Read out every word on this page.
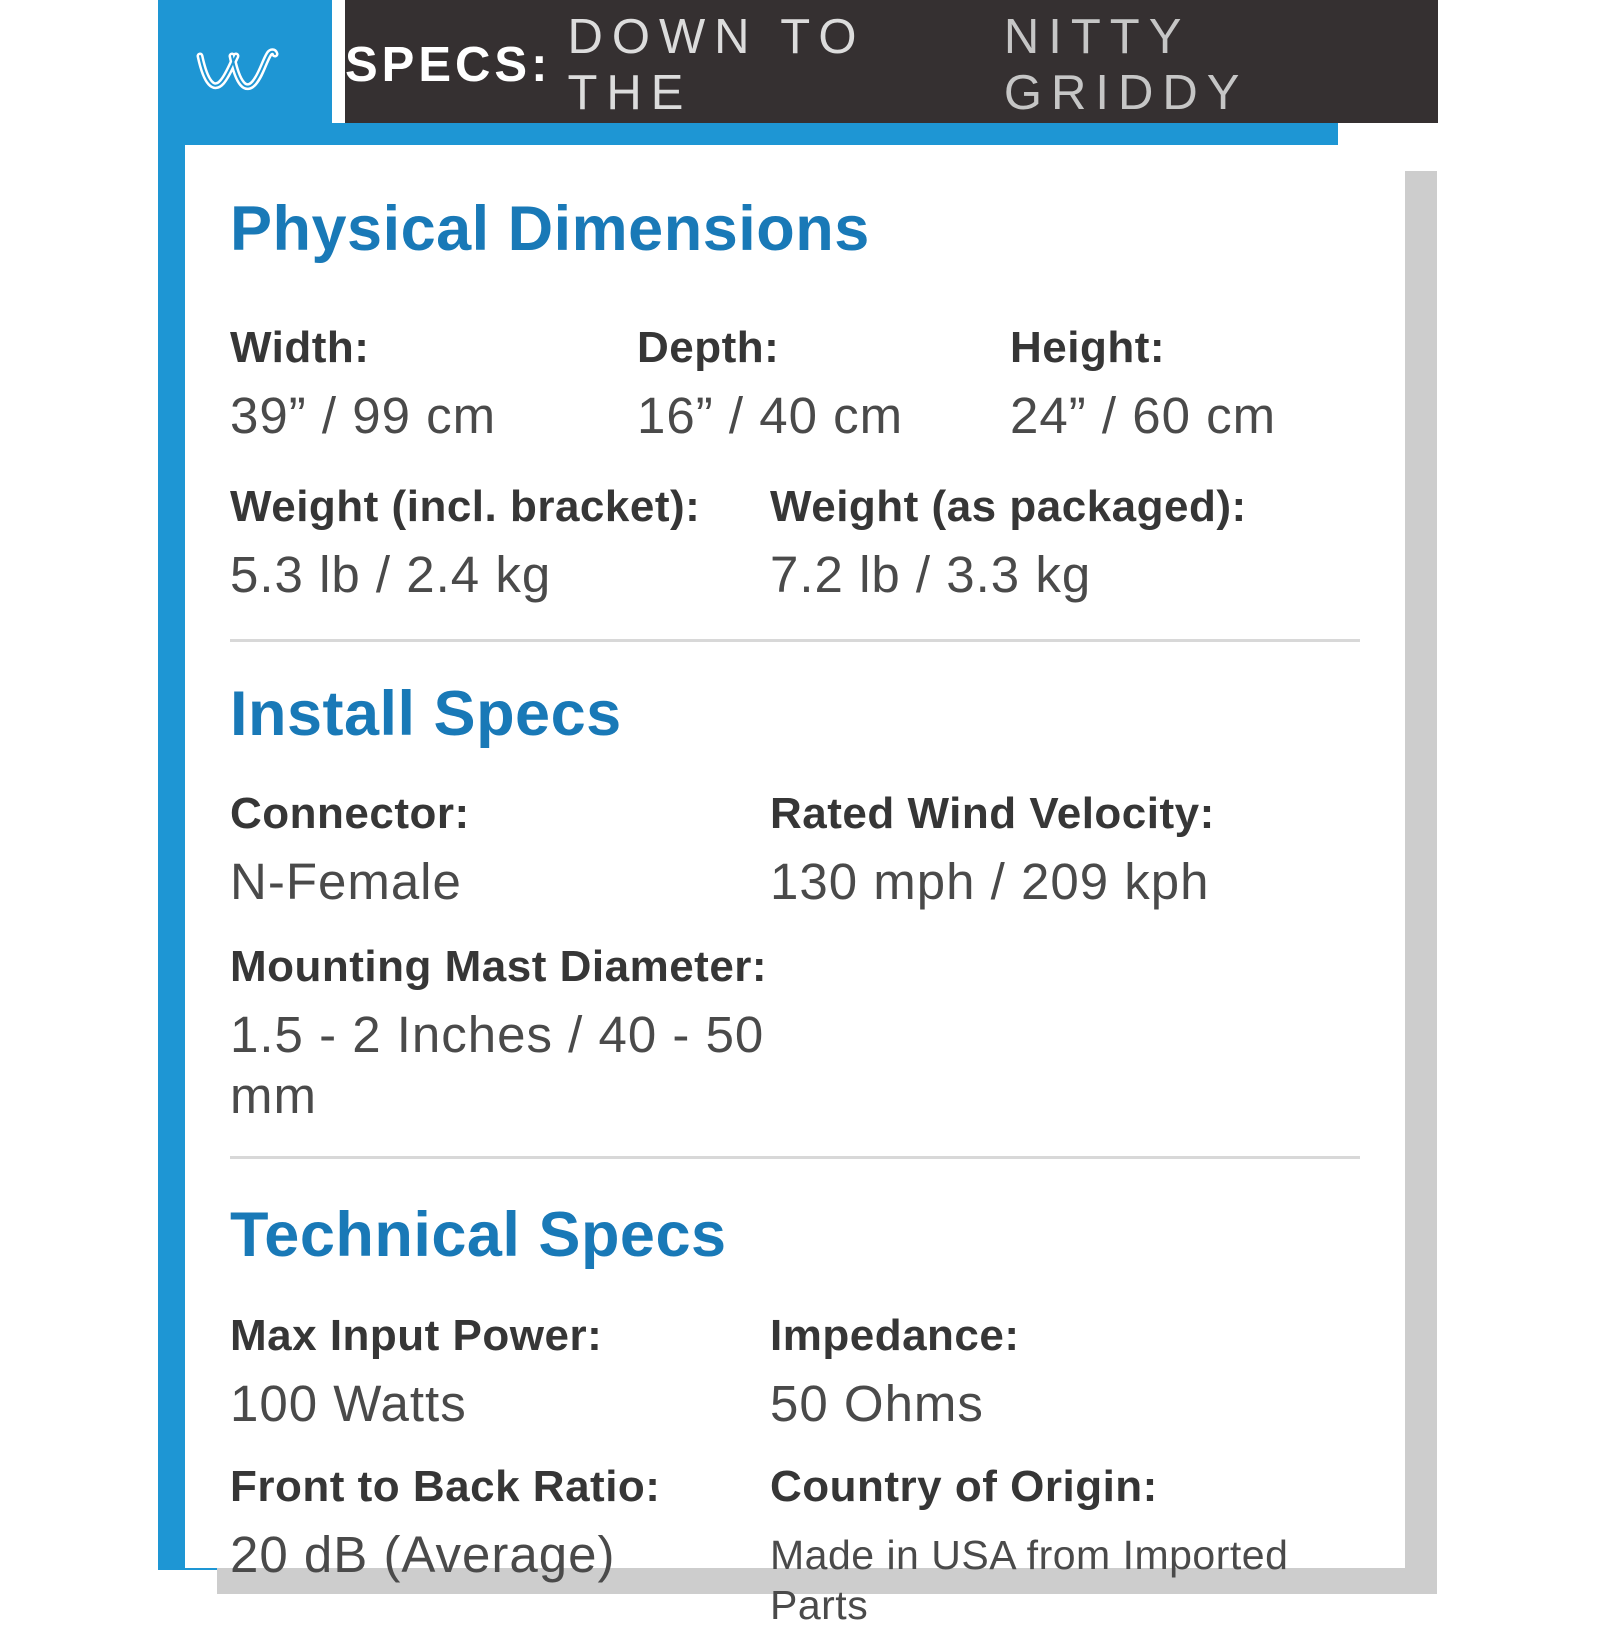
SPECS:
DOWN TO THE
NITTY GRIDDY
Physical Dimensions
Width:
39” / 99 cm
Depth:
16” / 40 cm
Height:
24” / 60 cm
Weight (incl. bracket):
5.3 lb / 2.4 kg
Weight (as packaged):
7.2 lb / 3.3 kg
Install Specs
Connector:
N-Female
Rated Wind Velocity:
130 mph / 209 kph
Mounting Mast Diameter:
1.5 - 2 Inches / 40 - 50 mm
Technical Specs
Max Input Power:
100 Watts
Impedance:
50 Ohms
Front to Back Ratio:
20 dB (Average)
Country of Origin:
Made in USA from Imported Parts
